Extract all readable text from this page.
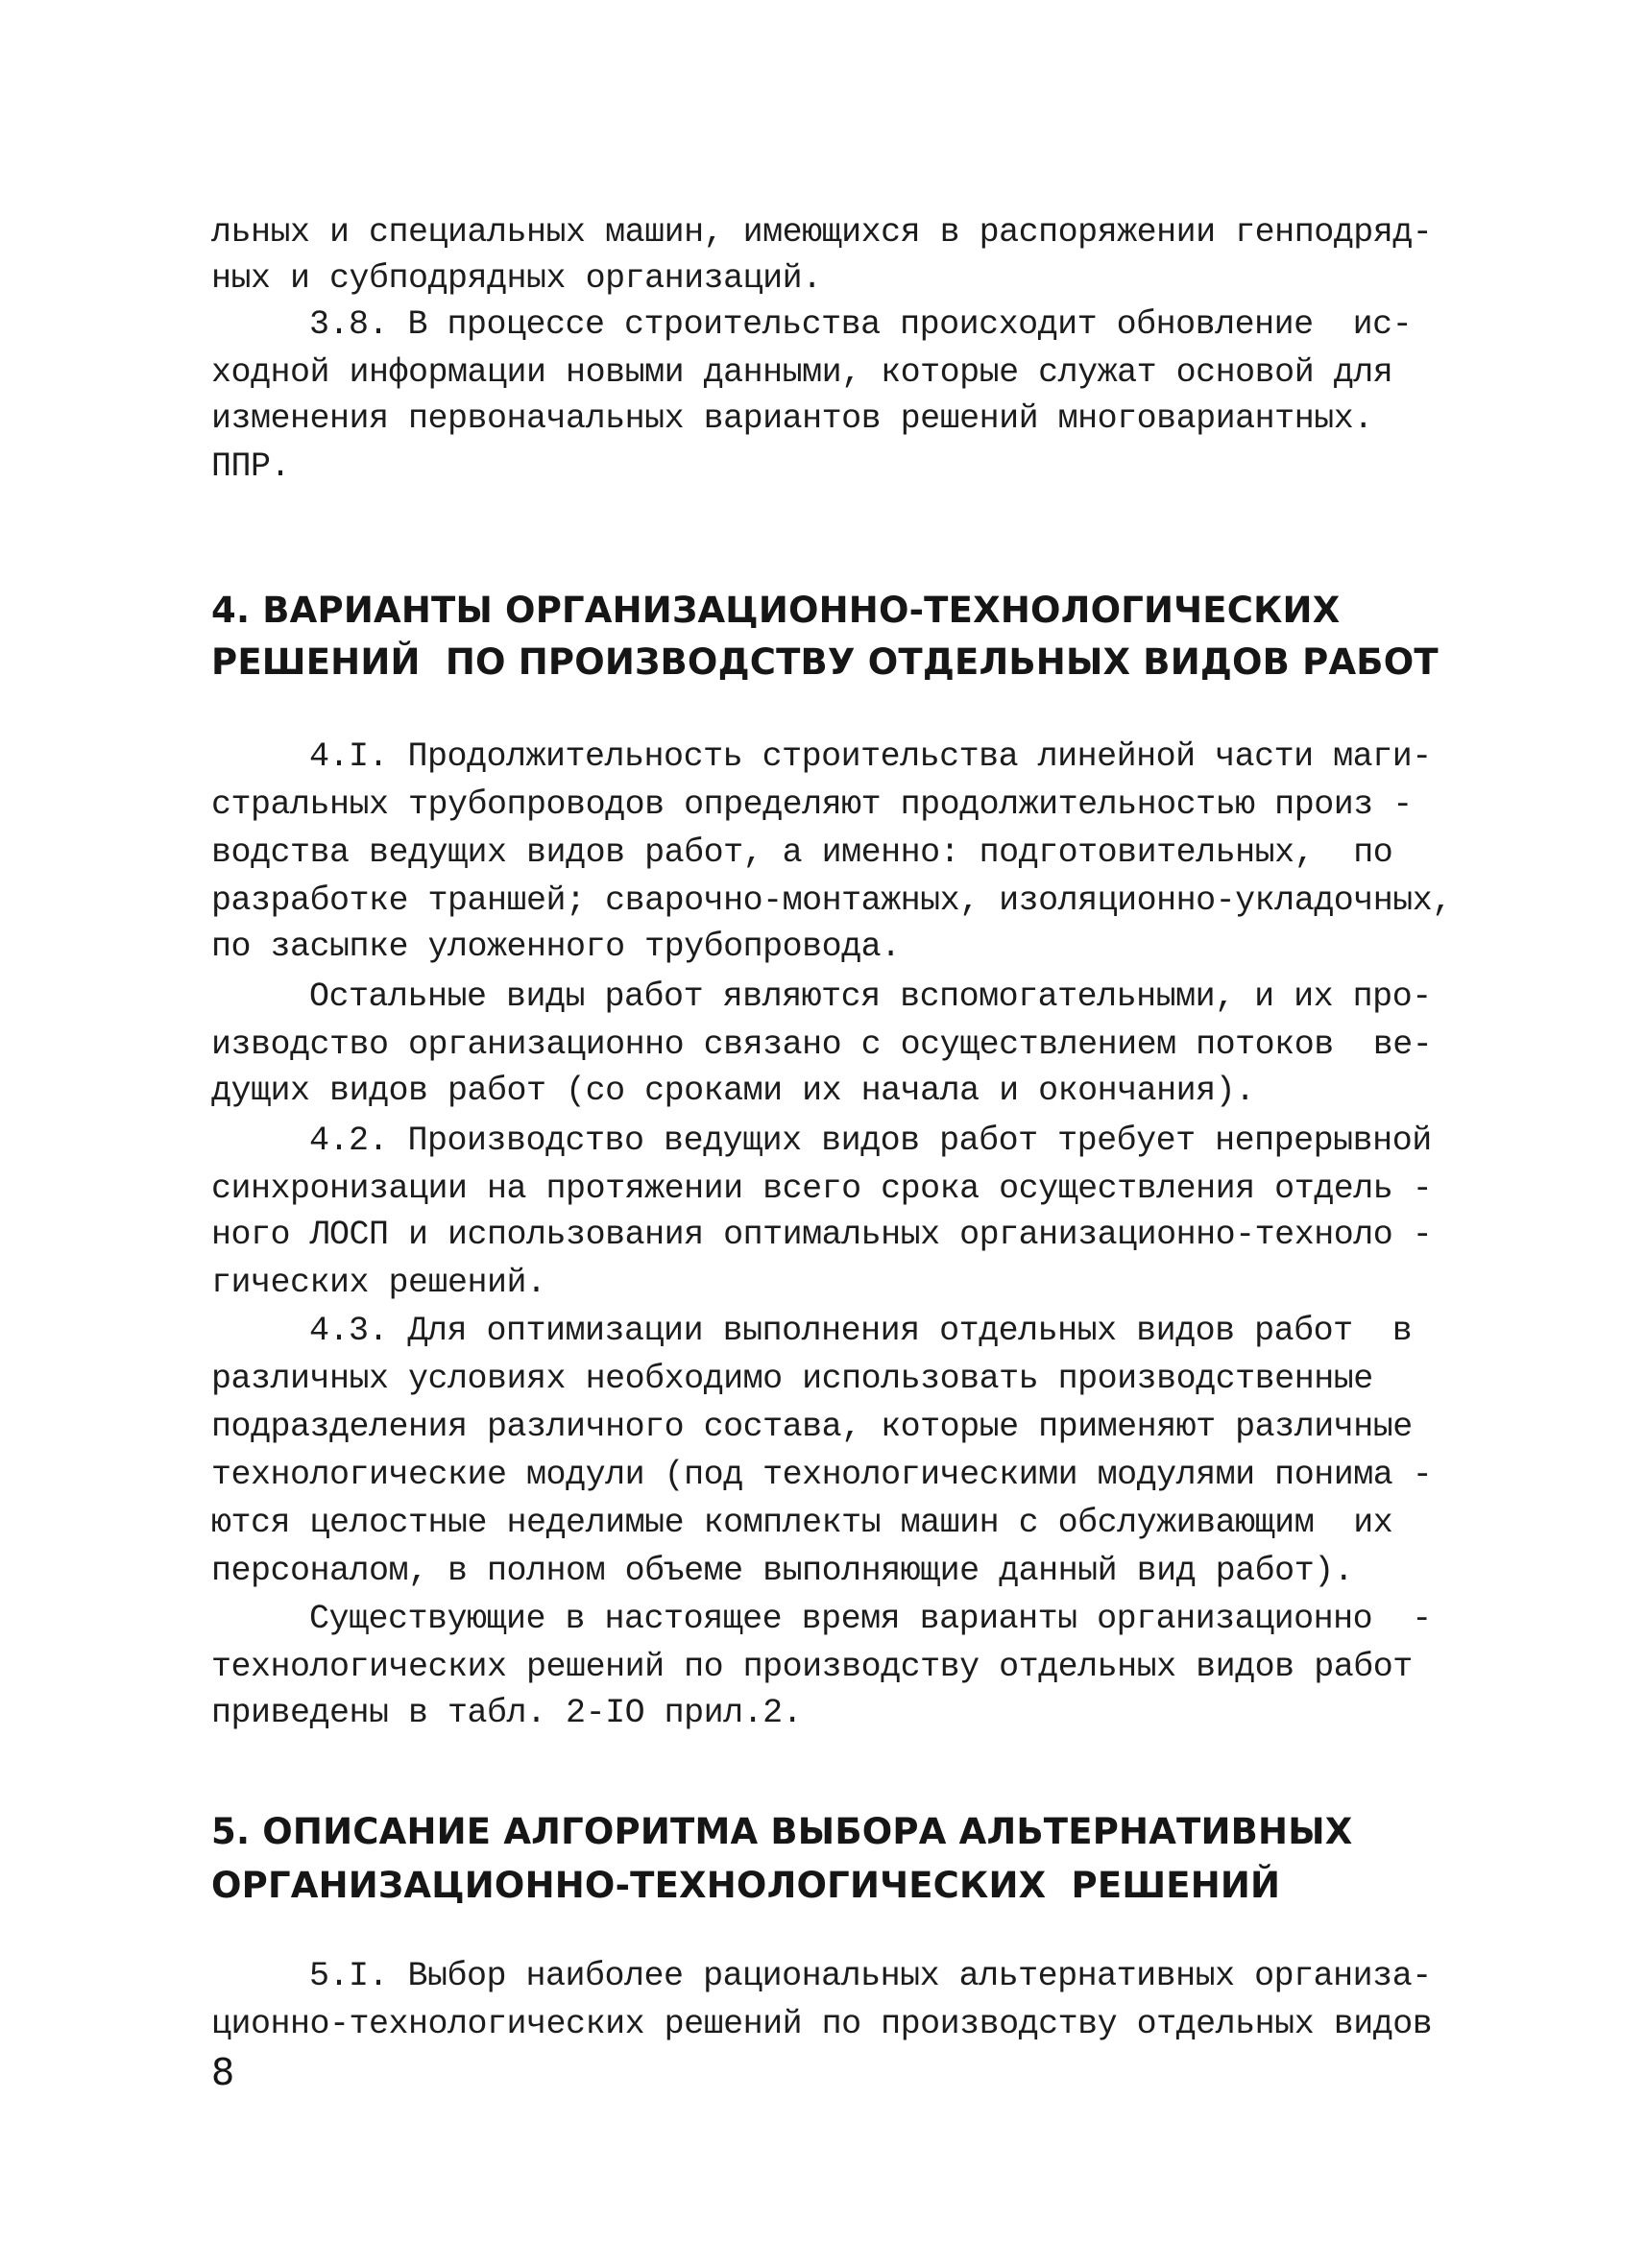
льных и специальных машин, имеющихся в распоряжении генподряд-
ных и субподрядных организаций.
3.8. В процессе строительства происходит обновление  ис-
ходной информации новыми данными, которые служат основой для
изменения первоначальных вариантов решений многовариантных.
ППР.
4. ВАРИАНТЫ ОРГАНИЗАЦИОННО-ТЕХНОЛОГИЧЕСКИХ
РЕШЕНИЙ  ПО ПРОИЗВОДСТВУ ОТДЕЛЬНЫХ ВИДОВ РАБОТ
4.I. Продолжительность строительства линейной части маги-
стральных трубопроводов определяют продолжительностью произ -
водства ведущих видов работ, а именно: подготовительных,  по
разработке траншей; сварочно-монтажных, изоляционно-укладочных,
по засыпке уложенного трубопровода.
Остальные виды работ являются вспомогательными, и их про-
изводство организационно связано с осуществлением потоков  ве-
дущих видов работ (со сроками их начала и окончания).
4.2. Производство ведущих видов работ требует непрерывной
синхронизации на протяжении всего срока осуществления отдель -
ного ЛОСП и использования оптимальных организационно-техноло -
гических решений.
4.3. Для оптимизации выполнения отдельных видов работ  в
различных условиях необходимо использовать производственные
подразделения различного состава, которые применяют различные
технологические модули (под технологическими модулями понима -
ются целостные неделимые комплекты машин с обслуживающим  их
персоналом, в полном объеме выполняющие данный вид работ).
Существующие в настоящее время варианты организационно  -
технологических решений по производству отдельных видов работ
приведены в табл. 2-IO прил.2.
5. ОПИСАНИЕ АЛГОРИТМА ВЫБОРА АЛЬТЕРНАТИВНЫХ
ОРГАНИЗАЦИОННО-ТЕХНОЛОГИЧЕСКИХ  РЕШЕНИЙ
5.I. Выбор наиболее рациональных альтернативных организа-
ционно-технологических решений по производству отдельных видов
8
